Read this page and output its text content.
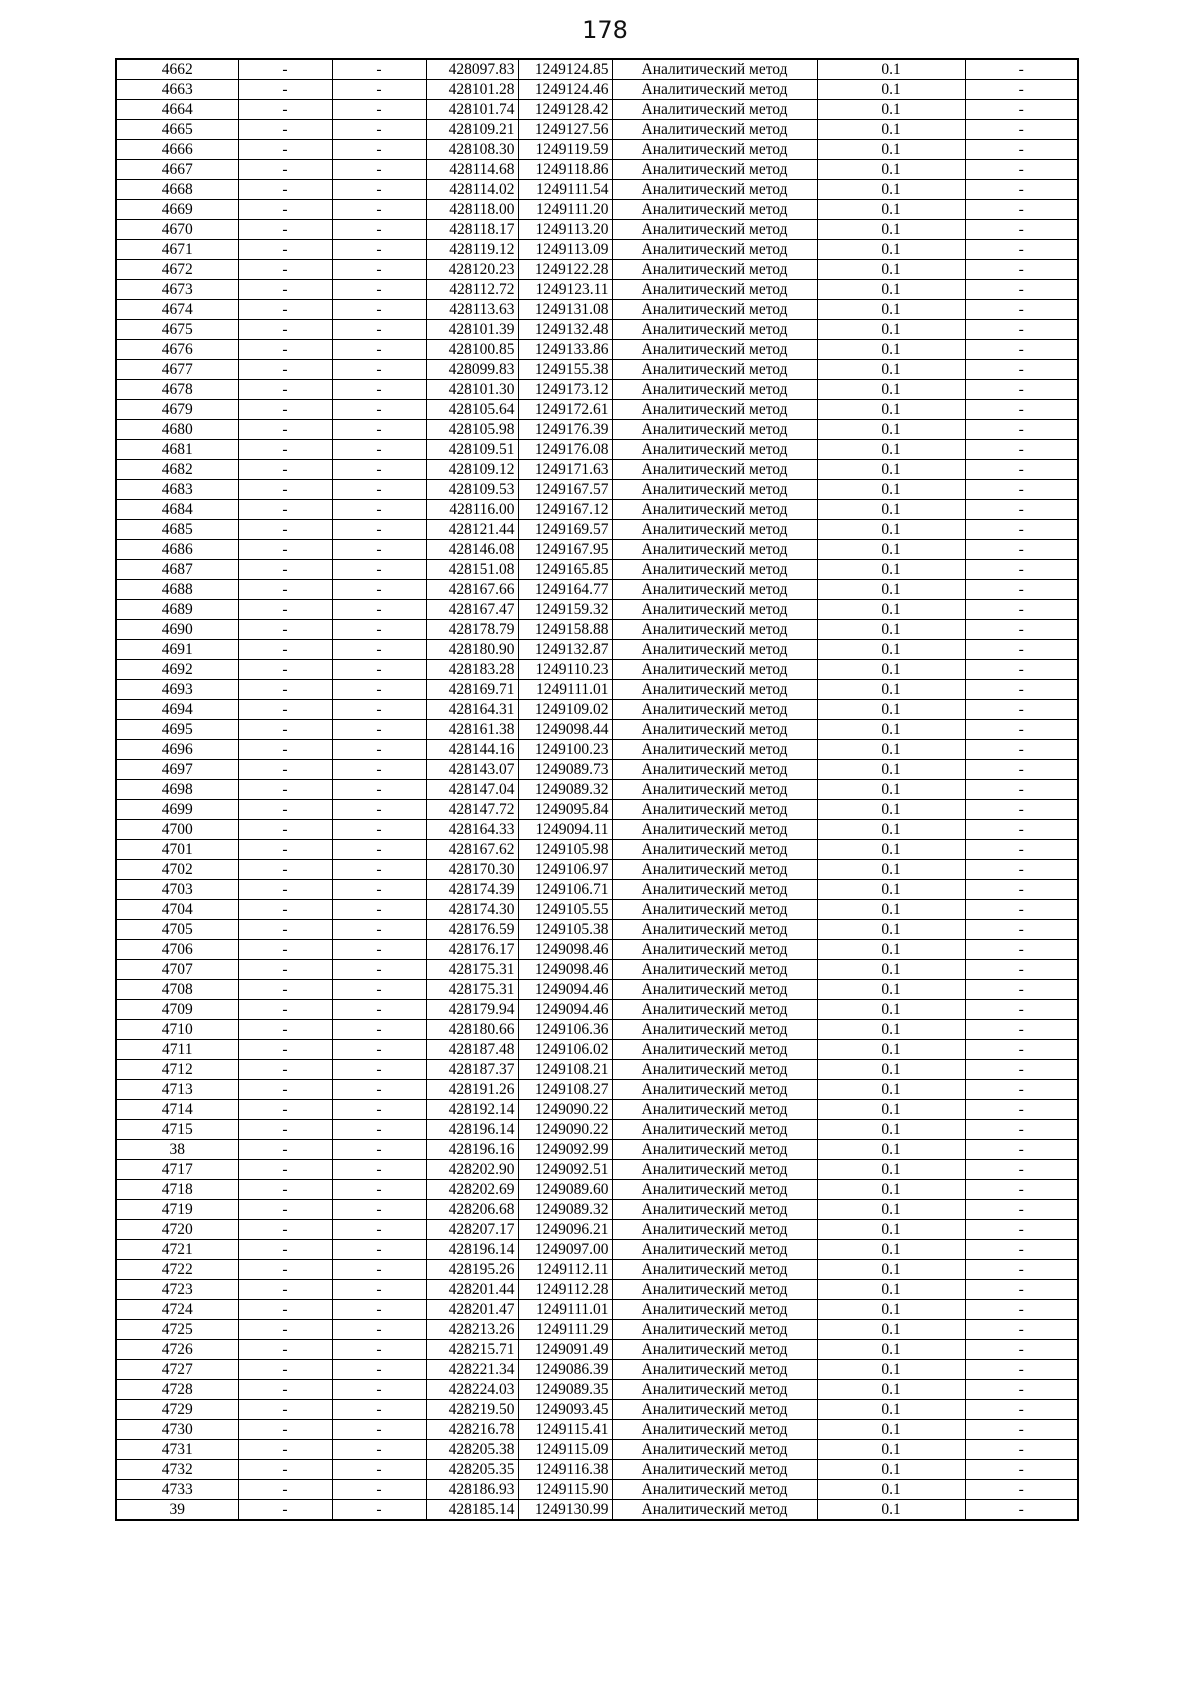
178
4662	-	-	428097.83	1249124.85	Аналитический метод	0.1	-
4663	-	-	428101.28	1249124.46	Аналитический метод	0.1	-
4664	-	-	428101.74	1249128.42	Аналитический метод	0.1	-
4665	-	-	428109.21	1249127.56	Аналитический метод	0.1	-
4666	-	-	428108.30	1249119.59	Аналитический метод	0.1	-
4667	-	-	428114.68	1249118.86	Аналитический метод	0.1	-
4668	-	-	428114.02	1249111.54	Аналитический метод	0.1	-
4669	-	-	428118.00	1249111.20	Аналитический метод	0.1	-
4670	-	-	428118.17	1249113.20	Аналитический метод	0.1	-
4671	-	-	428119.12	1249113.09	Аналитический метод	0.1	-
4672	-	-	428120.23	1249122.28	Аналитический метод	0.1	-
4673	-	-	428112.72	1249123.11	Аналитический метод	0.1	-
4674	-	-	428113.63	1249131.08	Аналитический метод	0.1	-
4675	-	-	428101.39	1249132.48	Аналитический метод	0.1	-
4676	-	-	428100.85	1249133.86	Аналитический метод	0.1	-
4677	-	-	428099.83	1249155.38	Аналитический метод	0.1	-
4678	-	-	428101.30	1249173.12	Аналитический метод	0.1	-
4679	-	-	428105.64	1249172.61	Аналитический метод	0.1	-
4680	-	-	428105.98	1249176.39	Аналитический метод	0.1	-
4681	-	-	428109.51	1249176.08	Аналитический метод	0.1	-
4682	-	-	428109.12	1249171.63	Аналитический метод	0.1	-
4683	-	-	428109.53	1249167.57	Аналитический метод	0.1	-
4684	-	-	428116.00	1249167.12	Аналитический метод	0.1	-
4685	-	-	428121.44	1249169.57	Аналитический метод	0.1	-
4686	-	-	428146.08	1249167.95	Аналитический метод	0.1	-
4687	-	-	428151.08	1249165.85	Аналитический метод	0.1	-
4688	-	-	428167.66	1249164.77	Аналитический метод	0.1	-
4689	-	-	428167.47	1249159.32	Аналитический метод	0.1	-
4690	-	-	428178.79	1249158.88	Аналитический метод	0.1	-
4691	-	-	428180.90	1249132.87	Аналитический метод	0.1	-
4692	-	-	428183.28	1249110.23	Аналитический метод	0.1	-
4693	-	-	428169.71	1249111.01	Аналитический метод	0.1	-
4694	-	-	428164.31	1249109.02	Аналитический метод	0.1	-
4695	-	-	428161.38	1249098.44	Аналитический метод	0.1	-
4696	-	-	428144.16	1249100.23	Аналитический метод	0.1	-
4697	-	-	428143.07	1249089.73	Аналитический метод	0.1	-
4698	-	-	428147.04	1249089.32	Аналитический метод	0.1	-
4699	-	-	428147.72	1249095.84	Аналитический метод	0.1	-
4700	-	-	428164.33	1249094.11	Аналитический метод	0.1	-
4701	-	-	428167.62	1249105.98	Аналитический метод	0.1	-
4702	-	-	428170.30	1249106.97	Аналитический метод	0.1	-
4703	-	-	428174.39	1249106.71	Аналитический метод	0.1	-
4704	-	-	428174.30	1249105.55	Аналитический метод	0.1	-
4705	-	-	428176.59	1249105.38	Аналитический метод	0.1	-
4706	-	-	428176.17	1249098.46	Аналитический метод	0.1	-
4707	-	-	428175.31	1249098.46	Аналитический метод	0.1	-
4708	-	-	428175.31	1249094.46	Аналитический метод	0.1	-
4709	-	-	428179.94	1249094.46	Аналитический метод	0.1	-
4710	-	-	428180.66	1249106.36	Аналитический метод	0.1	-
4711	-	-	428187.48	1249106.02	Аналитический метод	0.1	-
4712	-	-	428187.37	1249108.21	Аналитический метод	0.1	-
4713	-	-	428191.26	1249108.27	Аналитический метод	0.1	-
4714	-	-	428192.14	1249090.22	Аналитический метод	0.1	-
4715	-	-	428196.14	1249090.22	Аналитический метод	0.1	-
38	-	-	428196.16	1249092.99	Аналитический метод	0.1	-
4717	-	-	428202.90	1249092.51	Аналитический метод	0.1	-
4718	-	-	428202.69	1249089.60	Аналитический метод	0.1	-
4719	-	-	428206.68	1249089.32	Аналитический метод	0.1	-
4720	-	-	428207.17	1249096.21	Аналитический метод	0.1	-
4721	-	-	428196.14	1249097.00	Аналитический метод	0.1	-
4722	-	-	428195.26	1249112.11	Аналитический метод	0.1	-
4723	-	-	428201.44	1249112.28	Аналитический метод	0.1	-
4724	-	-	428201.47	1249111.01	Аналитический метод	0.1	-
4725	-	-	428213.26	1249111.29	Аналитический метод	0.1	-
4726	-	-	428215.71	1249091.49	Аналитический метод	0.1	-
4727	-	-	428221.34	1249086.39	Аналитический метод	0.1	-
4728	-	-	428224.03	1249089.35	Аналитический метод	0.1	-
4729	-	-	428219.50	1249093.45	Аналитический метод	0.1	-
4730	-	-	428216.78	1249115.41	Аналитический метод	0.1	-
4731	-	-	428205.38	1249115.09	Аналитический метод	0.1	-
4732	-	-	428205.35	1249116.38	Аналитический метод	0.1	-
4733	-	-	428186.93	1249115.90	Аналитический метод	0.1	-
39	-	-	428185.14	1249130.99	Аналитический метод	0.1	-
